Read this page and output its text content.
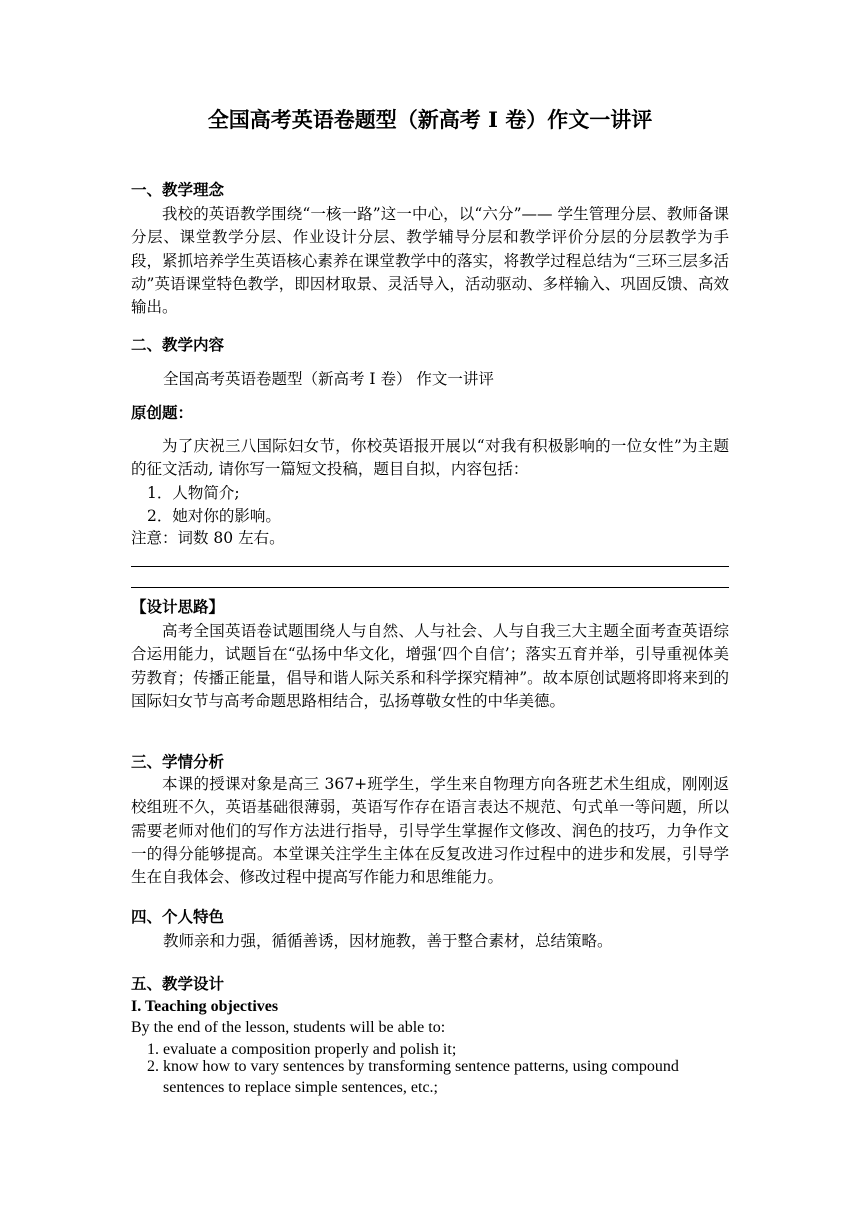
全国高考英语卷题型（新高考 I 卷）作文一讲评
一、教学理念
我校的英语教学围绕“一核一路”这一中心，以“六分”—— 学生管理分层、教师备课分层、课堂教学分层、作业设计分层、教学辅导分层和教学评价分层的分层教学为手段，紧抓培养学生英语核心素养在课堂教学中的落实，将教学过程总结为“三环三层多活动”英语课堂特色教学，即因材取景、灵活导入，活动驱动、多样输入、巩固反馈、高效输出。
二、教学内容
全国高考英语卷题型（新高考 I 卷） 作文一讲评
原创题：
为了庆祝三八国际妇女节，你校英语报开展以“对我有积极影响的一位女性”为主题的征文活动, 请你写一篇短文投稿，题目自拟，内容包括：
1．人物简介;
2．她对你的影响。
注意：词数 80 左右。
【设计思路】
高考全国英语卷试题围绕人与自然、人与社会、人与自我三大主题全面考查英语综合运用能力，试题旨在“弘扬中华文化，增强‘四个自信’；落实五育并举，引导重视体美劳教育；传播正能量，倡导和谐人际关系和科学探究精神”。故本原创试题将即将来到的国际妇女节与高考命题思路相结合，弘扬尊敬女性的中华美德。
三、学情分析
本课的授课对象是高三 367+班学生，学生来自物理方向各班艺术生组成，刚刚返校组班不久，英语基础很薄弱，英语写作存在语言表达不规范、句式单一等问题，所以需要老师对他们的写作方法进行指导，引导学生掌握作文修改、润色的技巧，力争作文一的得分能够提高。本堂课关注学生主体在反复改进习作过程中的进步和发展，引导学生在自我体会、修改过程中提高写作能力和思维能力。
四、个人特色
教师亲和力强，循循善诱，因材施教，善于整合素材，总结策略。
五、教学设计
I. Teaching objectives
By the end of the lesson, students will be able to:
1. evaluate a composition properly and polish it;
2. know how to vary sentences by transforming sentence patterns, using compound
sentences to replace simple sentences, etc.;
